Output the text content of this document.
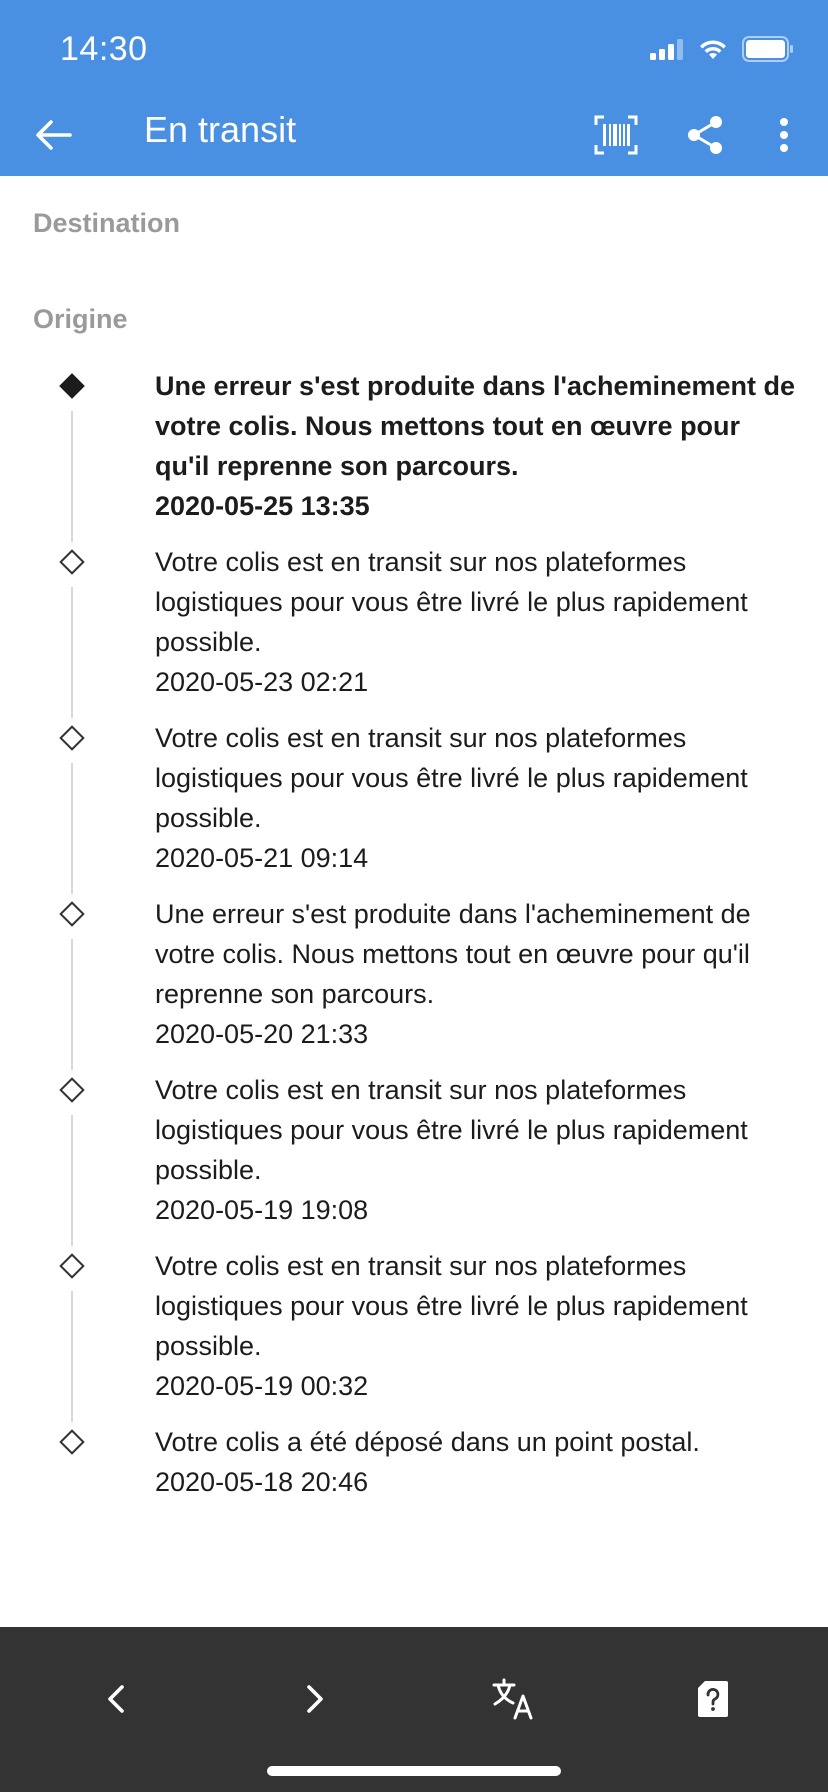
14:30
En transit
Destination
Origine
Une erreur s'est produite dans l'acheminement de votre colis. Nous mettons tout en œuvre pour qu'il reprenne son parcours.
2020-05-25 13:35
Votre colis est en transit sur nos plateformes logistiques pour vous être livré le plus rapidement possible.
2020-05-23 02:21
Votre colis est en transit sur nos plateformes logistiques pour vous être livré le plus rapidement possible.
2020-05-21 09:14
Une erreur s'est produite dans l'acheminement de votre colis. Nous mettons tout en œuvre pour qu'il reprenne son parcours.
2020-05-20 21:33
Votre colis est en transit sur nos plateformes logistiques pour vous être livré le plus rapidement possible.
2020-05-19 19:08
Votre colis est en transit sur nos plateformes logistiques pour vous être livré le plus rapidement possible.
2020-05-19 00:32
Votre colis a été déposé dans un point postal.
2020-05-18 20:46
